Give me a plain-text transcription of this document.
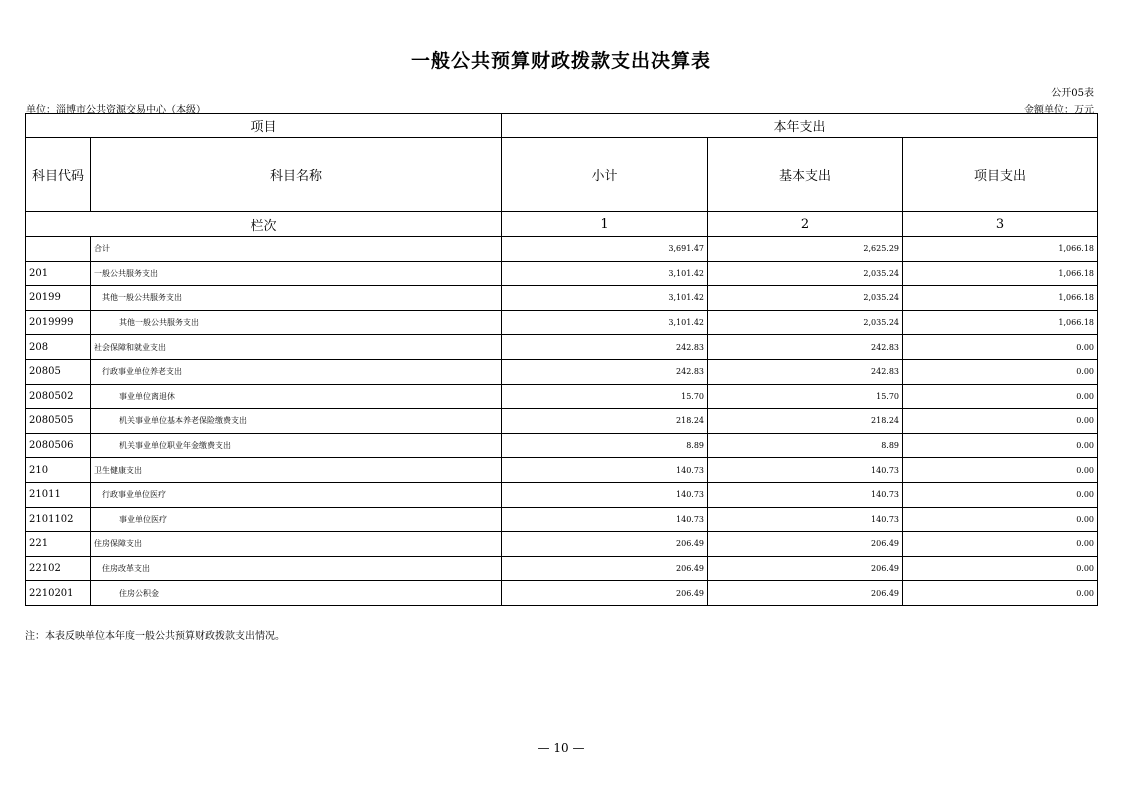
一般公共预算财政拨款支出决算表
公开05表
单位：淄博市公共资源交易中心（本级）	金额单位：万元
项目		本年支出		
科目代码	科目名称	小计	基本支出	项目支出
栏次		1	2	3
	合计	3,691.47	2,625.29	1,066.18
201	一般公共服务支出	3,101.42	2,035.24	1,066.18
20199	其他一般公共服务支出	3,101.42	2,035.24	1,066.18
2019999	其他一般公共服务支出	3,101.42	2,035.24	1,066.18
208	社会保障和就业支出	242.83	242.83	0.00
20805	行政事业单位养老支出	242.83	242.83	0.00
2080502	事业单位离退休	15.70	15.70	0.00
2080505	机关事业单位基本养老保险缴费支出	218.24	218.24	0.00
2080506	机关事业单位职业年金缴费支出	8.89	8.89	0.00
210	卫生健康支出	140.73	140.73	0.00
21011	行政事业单位医疗	140.73	140.73	0.00
2101102	事业单位医疗	140.73	140.73	0.00
221	住房保障支出	206.49	206.49	0.00
22102	住房改革支出	206.49	206.49	0.00
2210201	住房公积金	206.49	206.49	0.00
注：本表反映单位本年度一般公共预算财政拨款支出情况。
— 10 —
